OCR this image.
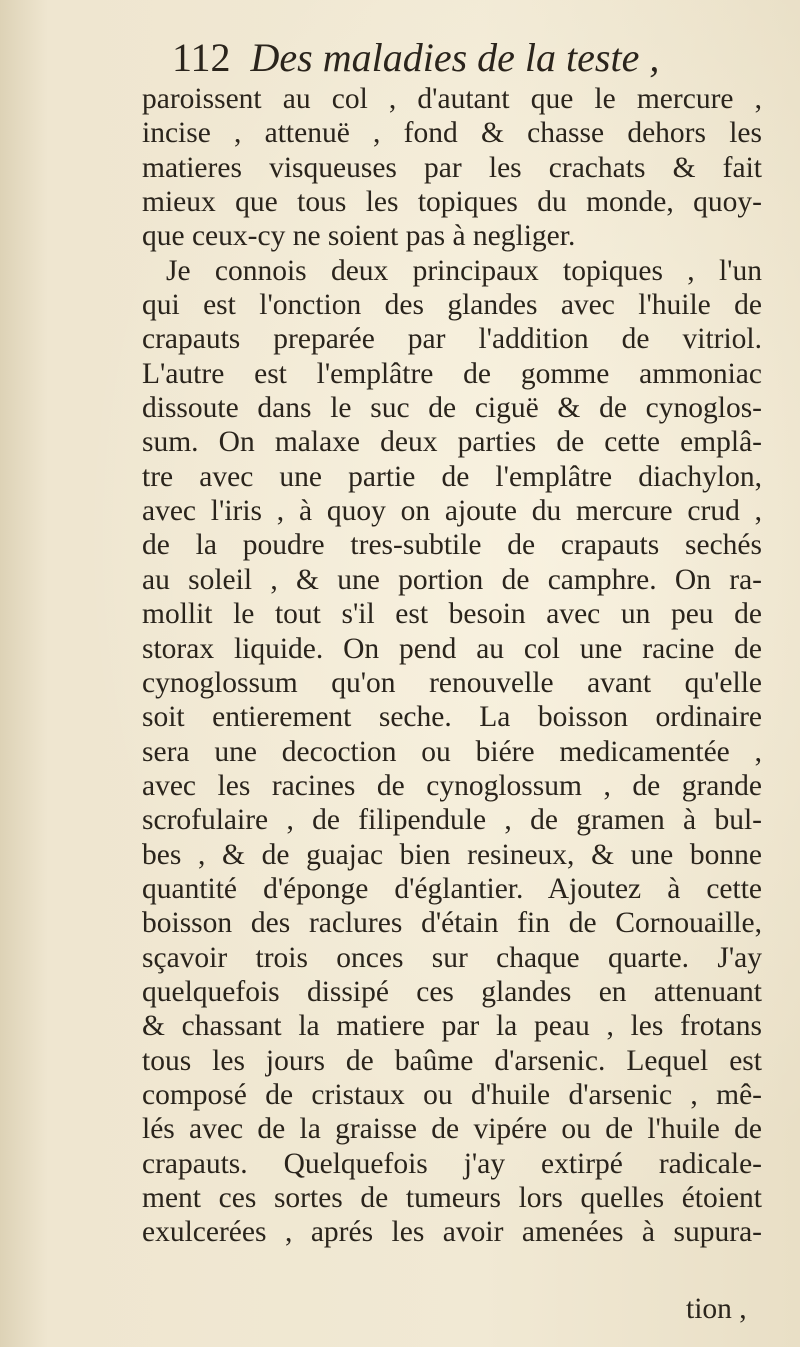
112 Des maladies de la teste ,
paroissent au col , d'autant que le mercure ,
incise , attenuë , fond & chasse dehors les
matieres visqueuses par les crachats & fait
mieux que tous les topiques du monde, quoy-
que ceux-cy ne soient pas à negliger.
Je connois deux principaux topiques , l'un
qui est l'onction des glandes avec l'huile de
crapauts preparée par l'addition de vitriol.
L'autre est l'emplâtre de gomme ammoniac
dissoute dans le suc de ciguë & de cynoglos-
sum. On malaxe deux parties de cette emplâ-
tre avec une partie de l'emplâtre diachylon,
avec l'iris , à quoy on ajoute du mercure crud ,
de la poudre tres-subtile de crapauts sechés
au soleil , & une portion de camphre. On ra-
mollit le tout s'il est besoin avec un peu de
storax liquide. On pend au col une racine de
cynoglossum qu'on renouvelle avant qu'elle
soit entierement seche. La boisson ordinaire
sera une decoction ou biére medicamentée ,
avec les racines de cynoglossum , de grande
scrofulaire , de filipendule , de gramen à bul-
bes , & de guajac bien resineux, & une bonne
quantité d'éponge d'églantier. Ajoutez à cette
boisson des raclures d'étain fin de Cornouaille,
sçavoir trois onces sur chaque quarte. J'ay
quelquefois dissipé ces glandes en attenuant
& chassant la matiere par la peau , les frotans
tous les jours de baûme d'arsenic. Lequel est
composé de cristaux ou d'huile d'arsenic , mê-
lés avec de la graisse de vipére ou de l'huile de
crapauts. Quelquefois j'ay extirpé radicale-
ment ces sortes de tumeurs lors quelles étoient
exulcerées , aprés les avoir amenées à supura-
tion ,
